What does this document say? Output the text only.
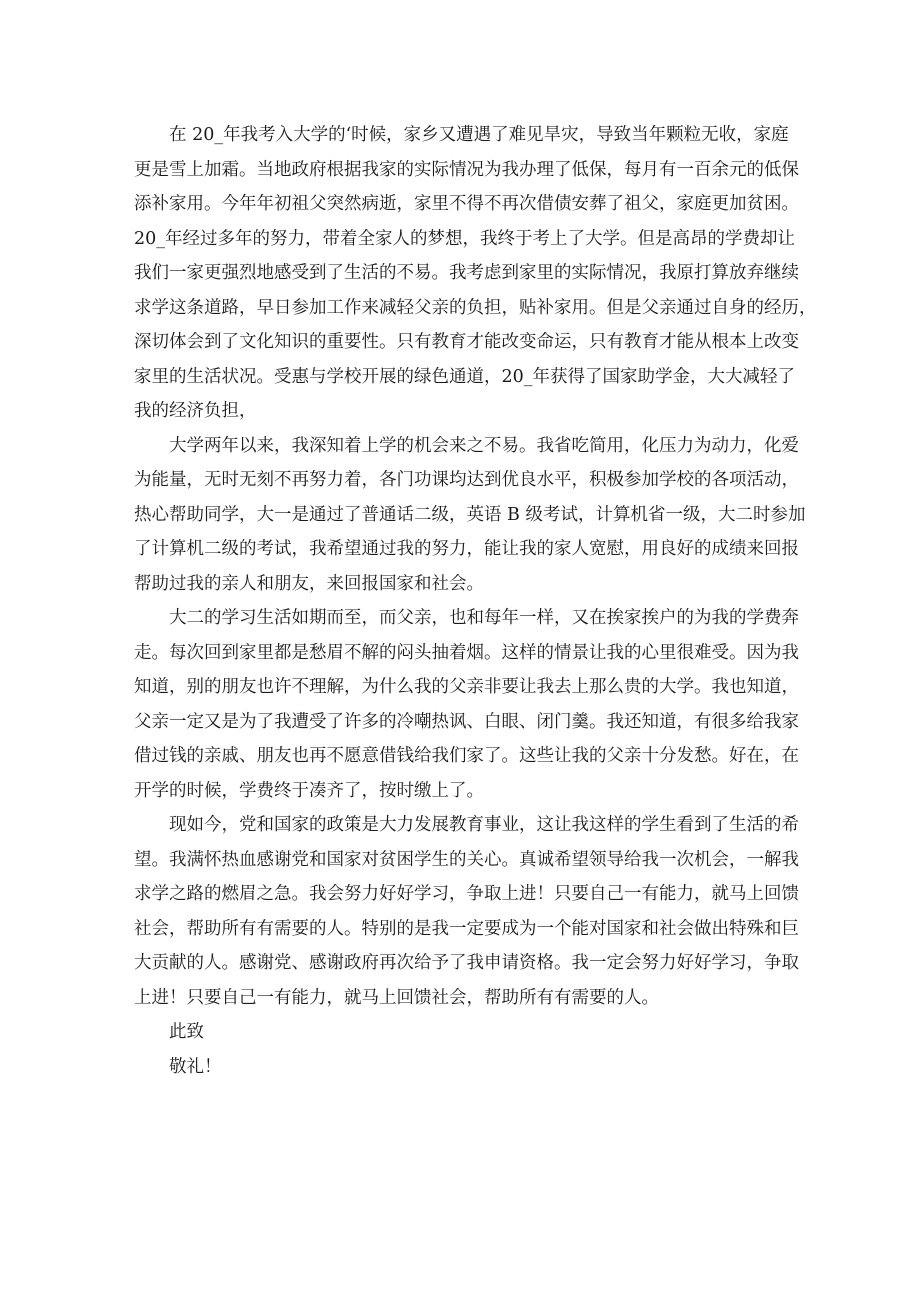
在 20_年我考入大学的‘时候，家乡又遭遇了难见旱灾，导致当年颗粒无收，家庭
更是雪上加霜。当地政府根据我家的实际情况为我办理了低保，每月有一百余元的低保
添补家用。今年年初祖父突然病逝，家里不得不再次借债安葬了祖父，家庭更加贫困。
20_年经过多年的努力，带着全家人的梦想，我终于考上了大学。但是高昂的学费却让
我们一家更强烈地感受到了生活的不易。我考虑到家里的实际情况，我原打算放弃继续
求学这条道路，早日参加工作来减轻父亲的负担，贴补家用。但是父亲通过自身的经历，
深切体会到了文化知识的重要性。只有教育才能改变命运，只有教育才能从根本上改变
家里的生活状况。受惠与学校开展的绿色通道，20_年获得了国家助学金，大大减轻了
我的经济负担，

大学两年以来，我深知着上学的机会来之不易。我省吃简用，化压力为动力，化爱
为能量，无时无刻不再努力着，各门功课均达到优良水平，积极参加学校的各项活动，
热心帮助同学，大一是通过了普通话二级，英语 B 级考试，计算机省一级，大二时参加
了计算机二级的考试，我希望通过我的努力，能让我的家人宽慰，用良好的成绩来回报
帮助过我的亲人和朋友，来回报国家和社会。

大二的学习生活如期而至，而父亲，也和每年一样，又在挨家挨户的为我的学费奔
走。每次回到家里都是愁眉不解的闷头抽着烟。这样的情景让我的心里很难受。因为我
知道，别的朋友也许不理解，为什么我的父亲非要让我去上那么贵的大学。我也知道，
父亲一定又是为了我遭受了许多的冷嘲热讽、白眼、闭门羹。我还知道，有很多给我家
借过钱的亲戚、朋友也再不愿意借钱给我们家了。这些让我的父亲十分发愁。好在，在
开学的时候，学费终于凑齐了，按时缴上了。

现如今，党和国家的政策是大力发展教育事业，这让我这样的学生看到了生活的希
望。我满怀热血感谢党和国家对贫困学生的关心。真诚希望领导给我一次机会，一解我
求学之路的燃眉之急。我会努力好好学习，争取上进！只要自己一有能力，就马上回馈
社会，帮助所有有需要的人。特别的是我一定要成为一个能对国家和社会做出特殊和巨
大贡献的人。感谢党、感谢政府再次给予了我申请资格。我一定会努力好好学习，争取
上进！只要自己一有能力，就马上回馈社会，帮助所有有需要的人。

此致

敬礼！
